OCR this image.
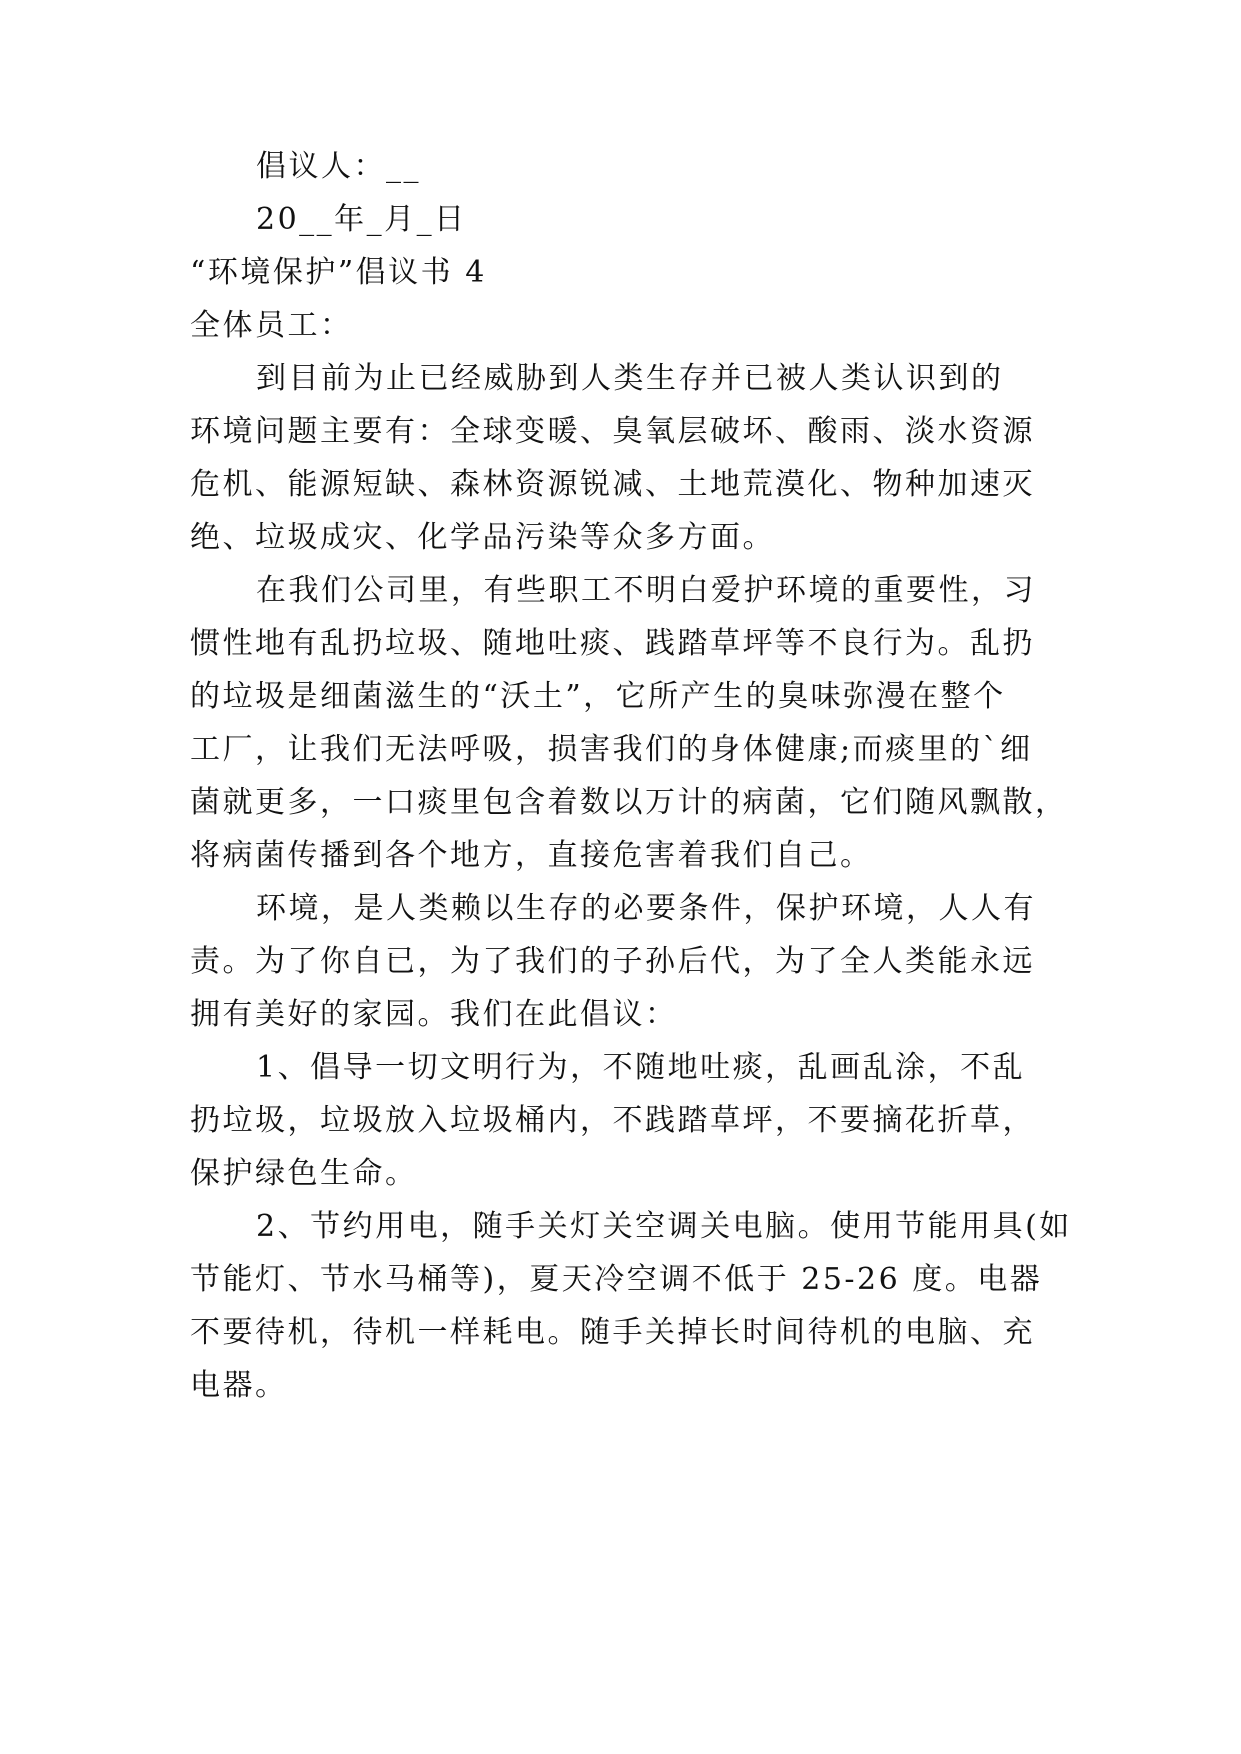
倡议人：__
20__年_月_日
“环境保护”倡议书 4
全体员工：
到目前为止已经威胁到人类生存并已被人类认识到的
环境问题主要有：全球变暖、臭氧层破坏、酸雨、淡水资源
危机、能源短缺、森林资源锐减、土地荒漠化、物种加速灭
绝、垃圾成灾、化学品污染等众多方面。
在我们公司里，有些职工不明白爱护环境的重要性，习
惯性地有乱扔垃圾、随地吐痰、践踏草坪等不良行为。乱扔
的垃圾是细菌滋生的“沃土”，它所产生的臭味弥漫在整个
工厂，让我们无法呼吸，损害我们的身体健康;而痰里的`细
菌就更多，一口痰里包含着数以万计的病菌，它们随风飘散，
将病菌传播到各个地方，直接危害着我们自己。
环境，是人类赖以生存的必要条件，保护环境，人人有
责。为了你自已，为了我们的子孙后代，为了全人类能永远
拥有美好的家园。我们在此倡议：
1、倡导一切文明行为，不随地吐痰，乱画乱涂，不乱
扔垃圾，垃圾放入垃圾桶内，不践踏草坪，不要摘花折草，
保护绿色生命。
2、节约用电，随手关灯关空调关电脑。使用节能用具(如
节能灯、节水马桶等)，夏天冷空调不低于 25-26 度。电器
不要待机，待机一样耗电。随手关掉长时间待机的电脑、充
电器。
